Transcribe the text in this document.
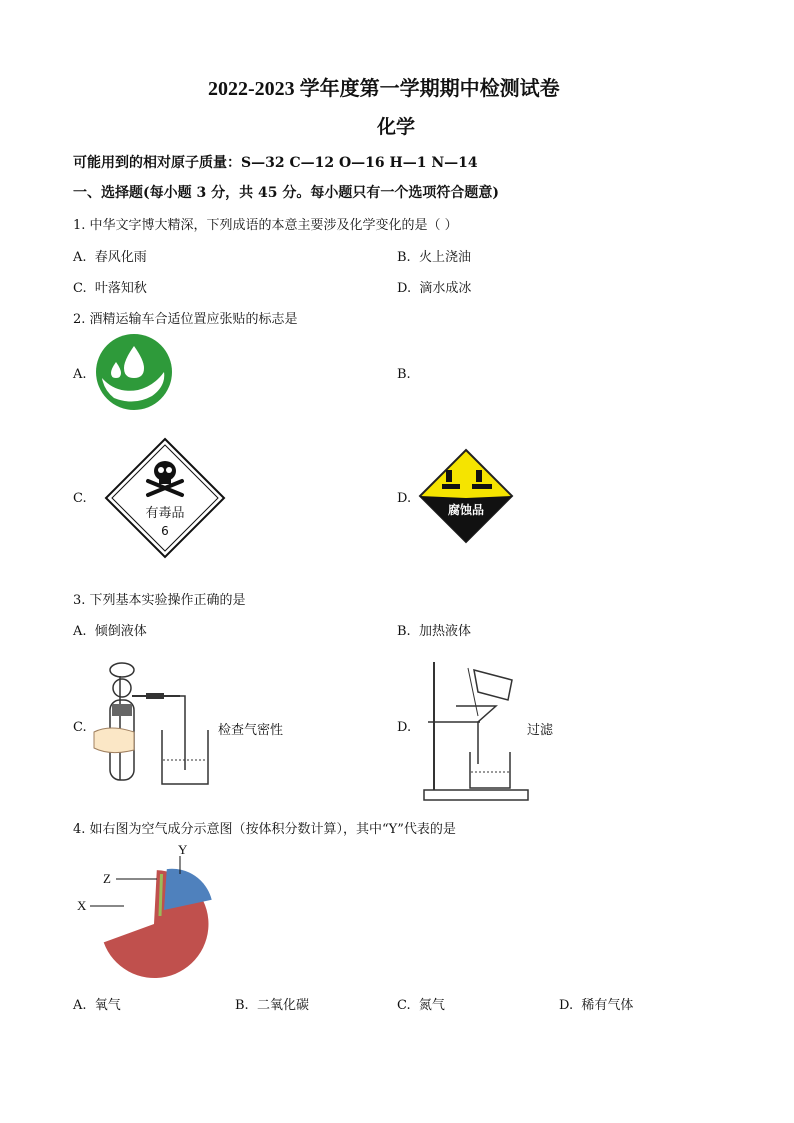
2022-2023 学年度第一学期期中检测试卷
化学
可能用到的相对原子质量：S—32 C—12 O—16 H—1 N—14
一、选择题(每小题 3 分，共 45 分。每小题只有一个选项符合题意)
1. 中华文字博大精深，下列成语的本意主要涉及化学变化的是（ ）
A. 春风化雨	B. 火上浇油
C. 叶落知秋	D. 滴水成冰
2. 酒精运输车合适位置应张贴的标志是
A.	B.
C.
有毒品
6
D.
腐蚀品
3. 下列基本实验操作正确的是
A. 倾倒液体	B. 加热液体
C.	检查气密性	D.	过滤
4. 如右图为空气成分示意图（按体积分数计算），其中“Y”代表的是
Y
Z
X
A. 氧气	B. 二氧化碳	C. 氮气	D. 稀有气体
